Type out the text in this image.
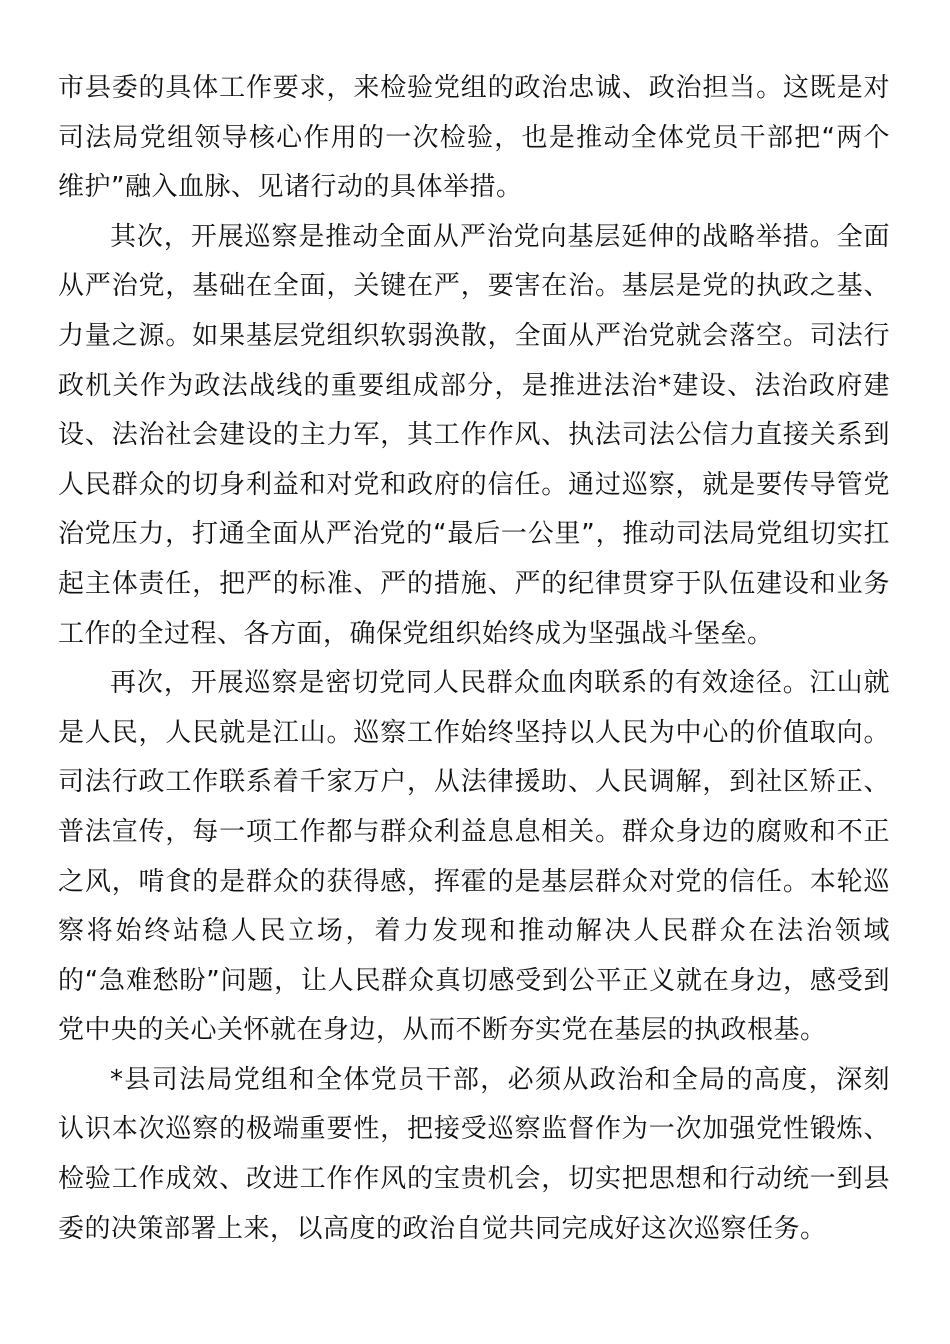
市县委的具体工作要求，来检验党组的政治忠诚、政治担当。这既是对司法局党组领导核心作用的一次检验，也是推动全体党员干部把“两个维护”融入血脉、见诸行动的具体举措。

其次，开展巡察是推动全面从严治党向基层延伸的战略举措。全面从严治党，基础在全面，关键在严，要害在治。基层是党的执政之基、力量之源。如果基层党组织软弱涣散，全面从严治党就会落空。司法行政机关作为政法战线的重要组成部分，是推进法治*建设、法治政府建设、法治社会建设的主力军，其工作作风、执法司法公信力直接关系到人民群众的切身利益和对党和政府的信任。通过巡察，就是要传导管党治党压力，打通全面从严治党的“最后一公里”，推动司法局党组切实扛起主体责任，把严的标准、严的措施、严的纪律贯穿于队伍建设和业务工作的全过程、各方面，确保党组织始终成为坚强战斗堡垒。

再次，开展巡察是密切党同人民群众血肉联系的有效途径。江山就是人民，人民就是江山。巡察工作始终坚持以人民为中心的价值取向。司法行政工作联系着千家万户，从法律援助、人民调解，到社区矫正、普法宣传，每一项工作都与群众利益息息相关。群众身边的腐败和不正之风，啃食的是群众的获得感，挥霍的是基层群众对党的信任。本轮巡察将始终站稳人民立场，着力发现和推动解决人民群众在法治领域的“急难愁盼”问题，让人民群众真切感受到公平正义就在身边，感受到党中央的关心关怀就在身边，从而不断夯实党在基层的执政根基。

*县司法局党组和全体党员干部，必须从政治和全局的高度，深刻认识本次巡察的极端重要性，把接受巡察监督作为一次加强党性锻炼、检验工作成效、改进工作作风的宝贵机会，切实把思想和行动统一到县委的决策部署上来，以高度的政治自觉共同完成好这次巡察任务。
